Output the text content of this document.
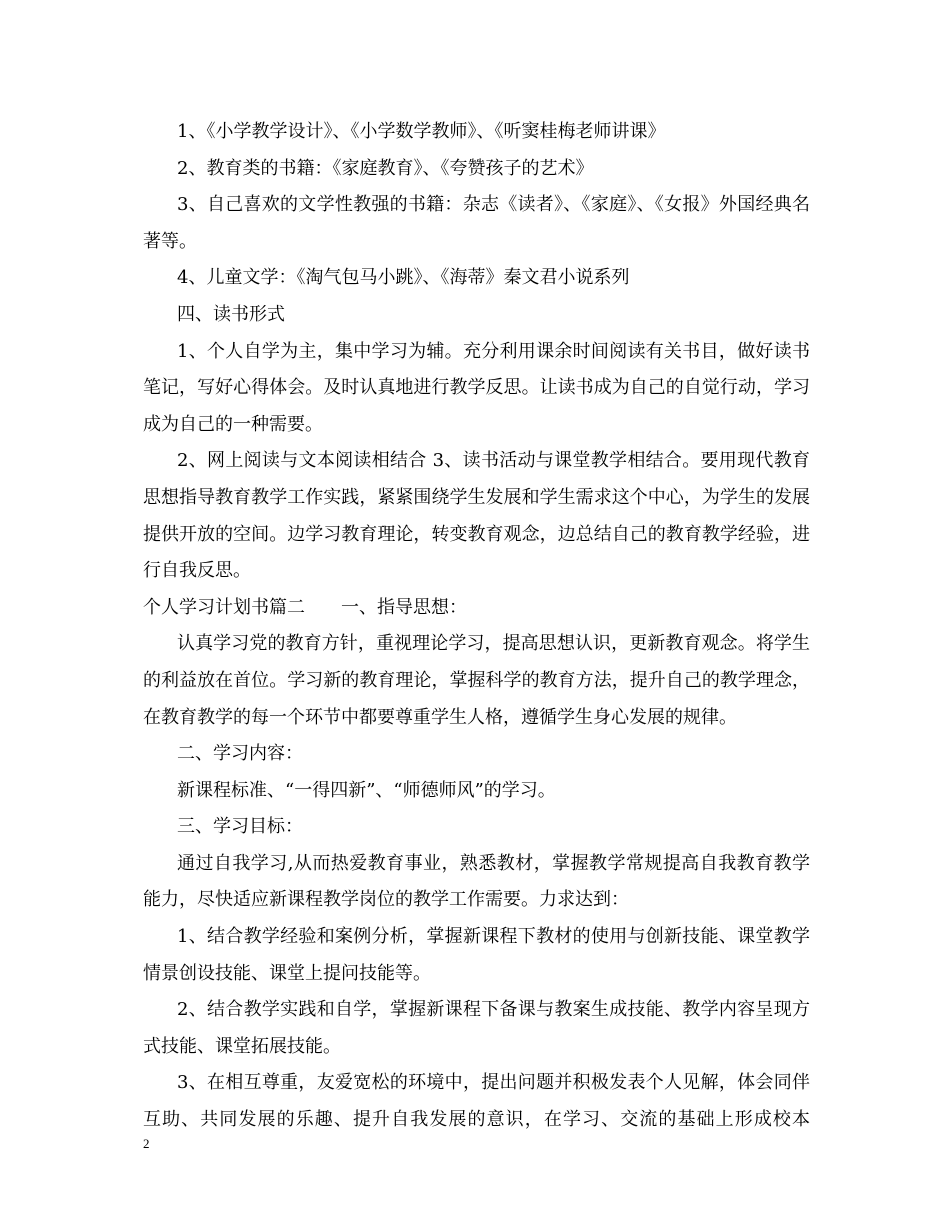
1、《小学教学设计》、《小学数学教师》、《听窦桂梅老师讲课》

2、教育类的书籍：《家庭教育》、《夸赞孩子的艺术》

3、自己喜欢的文学性教强的书籍：杂志《读者》、《家庭》、《女报》外国经典名著等。

4、儿童文学：《淘气包马小跳》、《海蒂》秦文君小说系列

四、读书形式

1、个人自学为主，集中学习为辅。充分利用课余时间阅读有关书目，做好读书笔记，写好心得体会。及时认真地进行教学反思。让读书成为自己的自觉行动，学习成为自己的一种需要。

2、网上阅读与文本阅读相结合 3、读书活动与课堂教学相结合。要用现代教育思想指导教育教学工作实践，紧紧围绕学生发展和学生需求这个中心，为学生的发展提供开放的空间。边学习教育理论，转变教育观念，边总结自己的教育教学经验，进行自我反思。

个人学习计划书篇二　　一、指导思想：

认真学习党的教育方针，重视理论学习，提高思想认识，更新教育观念。将学生的利益放在首位。学习新的教育理论，掌握科学的教育方法，提升自己的教学理念，在教育教学的每一个环节中都要尊重学生人格，遵循学生身心发展的规律。

二、学习内容：

新课程标准、“一得四新”、“师德师风”的学习。

三、学习目标：

通过自我学习,从而热爱教育事业，熟悉教材，掌握教学常规提高自我教育教学能力，尽快适应新课程教学岗位的教学工作需要。力求达到：

1、结合教学经验和案例分析，掌握新课程下教材的使用与创新技能、课堂教学情景创设技能、课堂上提问技能等。

2、结合教学实践和自学，掌握新课程下备课与教案生成技能、教学内容呈现方式技能、课堂拓展技能。

3、在相互尊重，友爱宽松的环境中，提出问题并积极发表个人见解，体会同伴互助、共同发展的乐趣、提升自我发展的意识，在学习、交流的基础上形成校本

2
